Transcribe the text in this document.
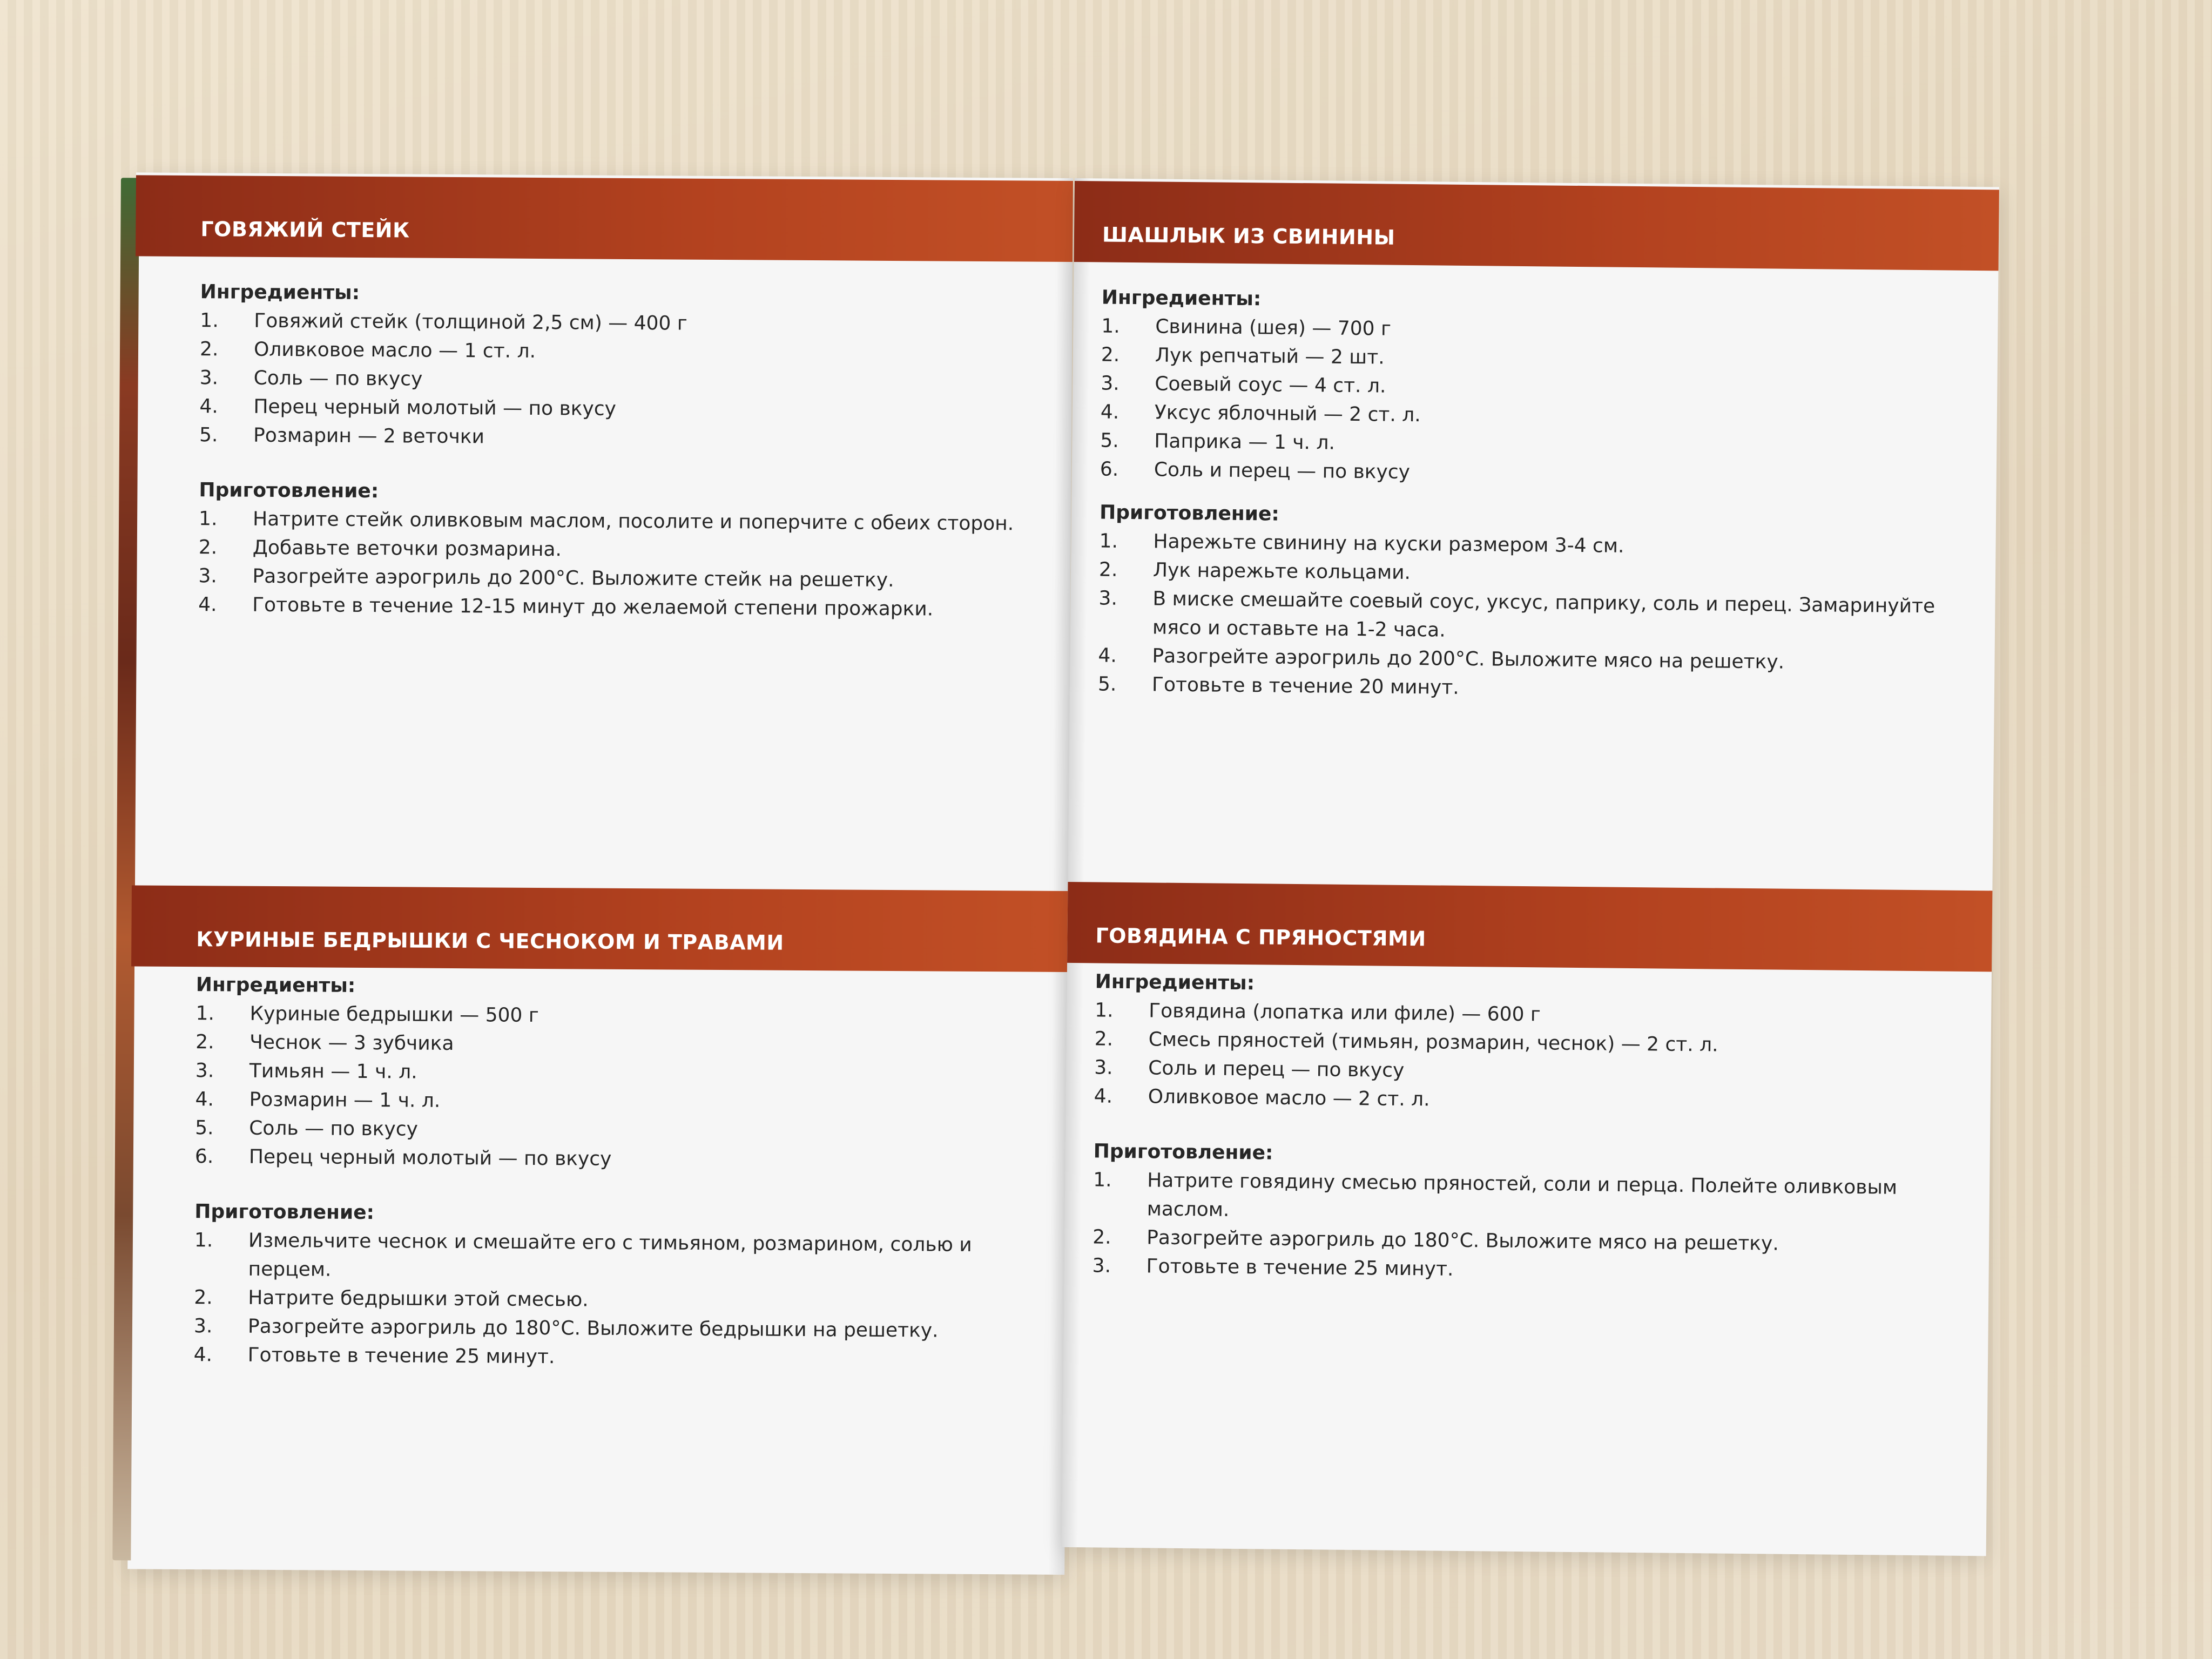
ГОВЯЖИЙ СТЕЙК

Ингредиенты:

1.	Говяжий стейк (толщиной 2,5 см) — 400 г
2.	Оливковое масло — 1 ст. л.
3.	Соль — по вкусу
4.	Перец черный молотый — по вкусу
5.	Розмарин — 2 веточки

Приготовление:

1.	Натрите стейк оливковым маслом, посолите и поперчите с обеих сторон.
2.	Добавьте веточки розмарина.
3.	Разогрейте аэрогриль до 200°С. Выложите стейк на решетку.
4.	Готовьте в течение 12-15 минут до желаемой степени прожарки.
КУРИНЫЕ БЕДРЫШКИ С ЧЕСНОКОМ И ТРАВАМИ

Ингредиенты:

1.	Куриные бедрышки — 500 г
2.	Чеснок — 3 зубчика
3.	Тимьян — 1 ч. л.
4.	Розмарин — 1 ч. л.
5.	Соль — по вкусу
6.	Перец черный молотый — по вкусу

Приготовление:

1.	Измельчите чеснок и смешайте его с тимьяном, розмарином, солью и перцем.
2.	Натрите бедрышки этой смесью.
3.	Разогрейте аэрогриль до 180°С. Выложите бедрышки на решетку.
4.	Готовьте в течение 25 минут.
ШАШЛЫК ИЗ СВИНИНЫ

Ингредиенты:

1.	Свинина (шея) — 700 г
2.	Лук репчатый — 2 шт.
3.	Соевый соус — 4 ст. л.
4.	Уксус яблочный — 2 ст. л.
5.	Паприка — 1 ч. л.
6.	Соль и перец — по вкусу

Приготовление:

1.	Нарежьте свинину на куски размером 3-4 см.
2.	Лук нарежьте кольцами.
3.	В миске смешайте соевый соус, уксус, паприку, соль и перец. Замаринуйте мясо и оставьте на 1-2 часа.
4.	Разогрейте аэрогриль до 200°С. Выложите мясо на решетку.
5.	Готовьте в течение 20 минут.
ГОВЯДИНА С ПРЯНОСТЯМИ

Ингредиенты:

1.	Говядина (лопатка или филе) — 600 г
2.	Смесь пряностей (тимьян, розмарин, чеснок) — 2 ст. л.
3.	Соль и перец — по вкусу
4.	Оливковое масло — 2 ст. л.

Приготовление:

1.	Натрите говядину смесью пряностей, соли и перца. Полейте оливковым маслом.
2.	Разогрейте аэрогриль до 180°С. Выложите мясо на решетку.
3.	Готовьте в течение 25 минут.
